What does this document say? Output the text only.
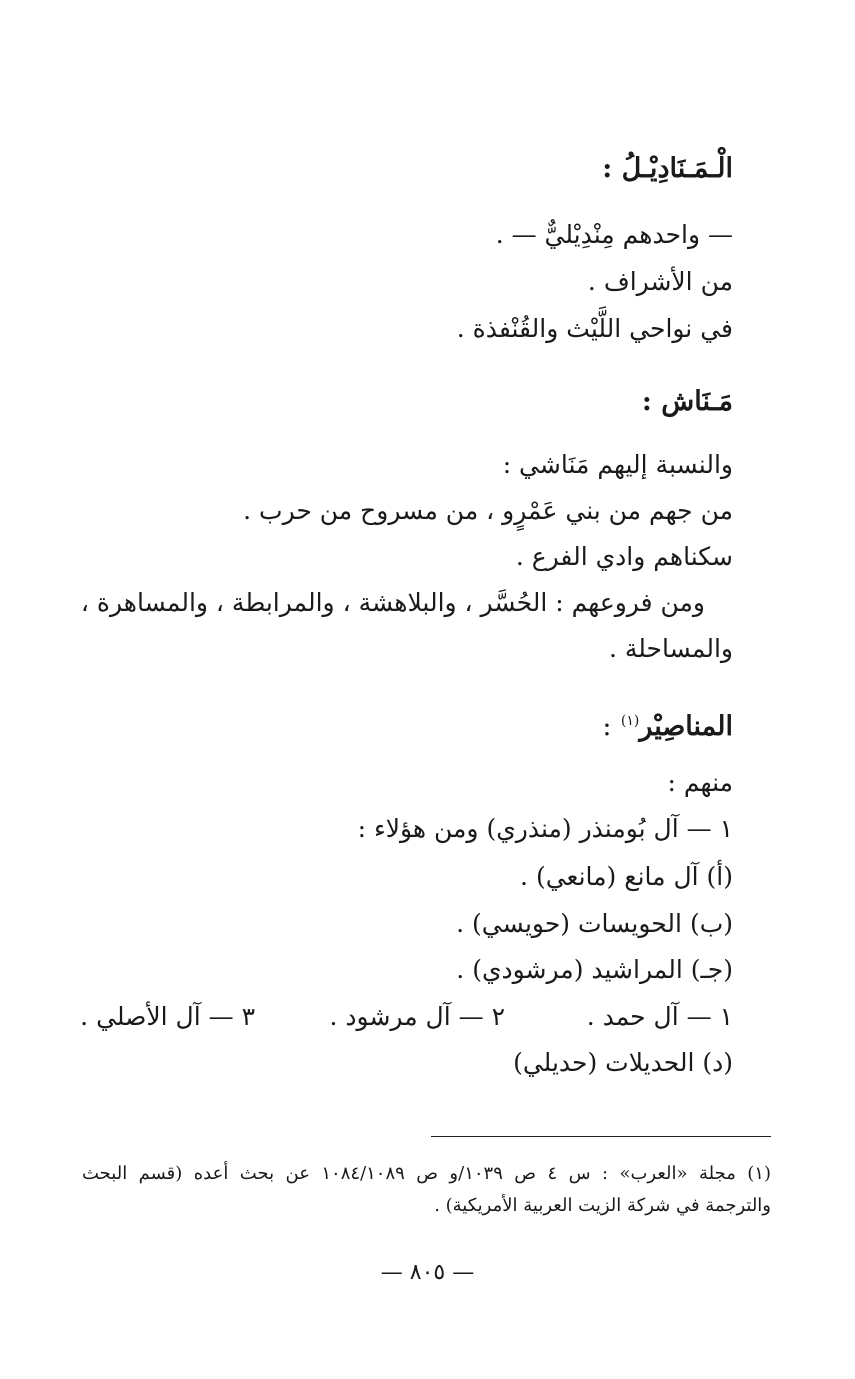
الْـمَـنَادِيْـلُ :
— واحدهم مِنْدِيْليٌّ — .
من الأشراف .
في نواحي اللَّيْث والقُنْفذة .
مَـنَاش :
والنسبة إليهم مَنَاشي :
من جهم من بني عَمْرٍو ، من مسروح من حرب .
سكناهم وادي الفرع .
ومن فروعهم : الحُسَّر ، والبلاهشة ، والمرابطة ، والمساهرة ،
والمساحلة .
المناصِيْر$^{(١)}$ :
منهم :
١ — آل بُومنذر (منذري) ومن هؤلاء :
(أ) آل مانع (مانعي) .
(ب) الحويسات (حويسي) .
(جـ) المراشيد (مرشودي) .
١ — آل حمد .
٢ — آل مرشود .
٣ — آل الأصلي .
(د) الحديلات (حديلي)
(١) مجلة «العرب» : س ٤ ص ١٠٣٩/و ص ١٠٨٤/١٠٨٩ عن بحث أعده (قسم البحث
والترجمة في شركة الزيت العربية الأمريكية) .
— ٨٠٥ —
